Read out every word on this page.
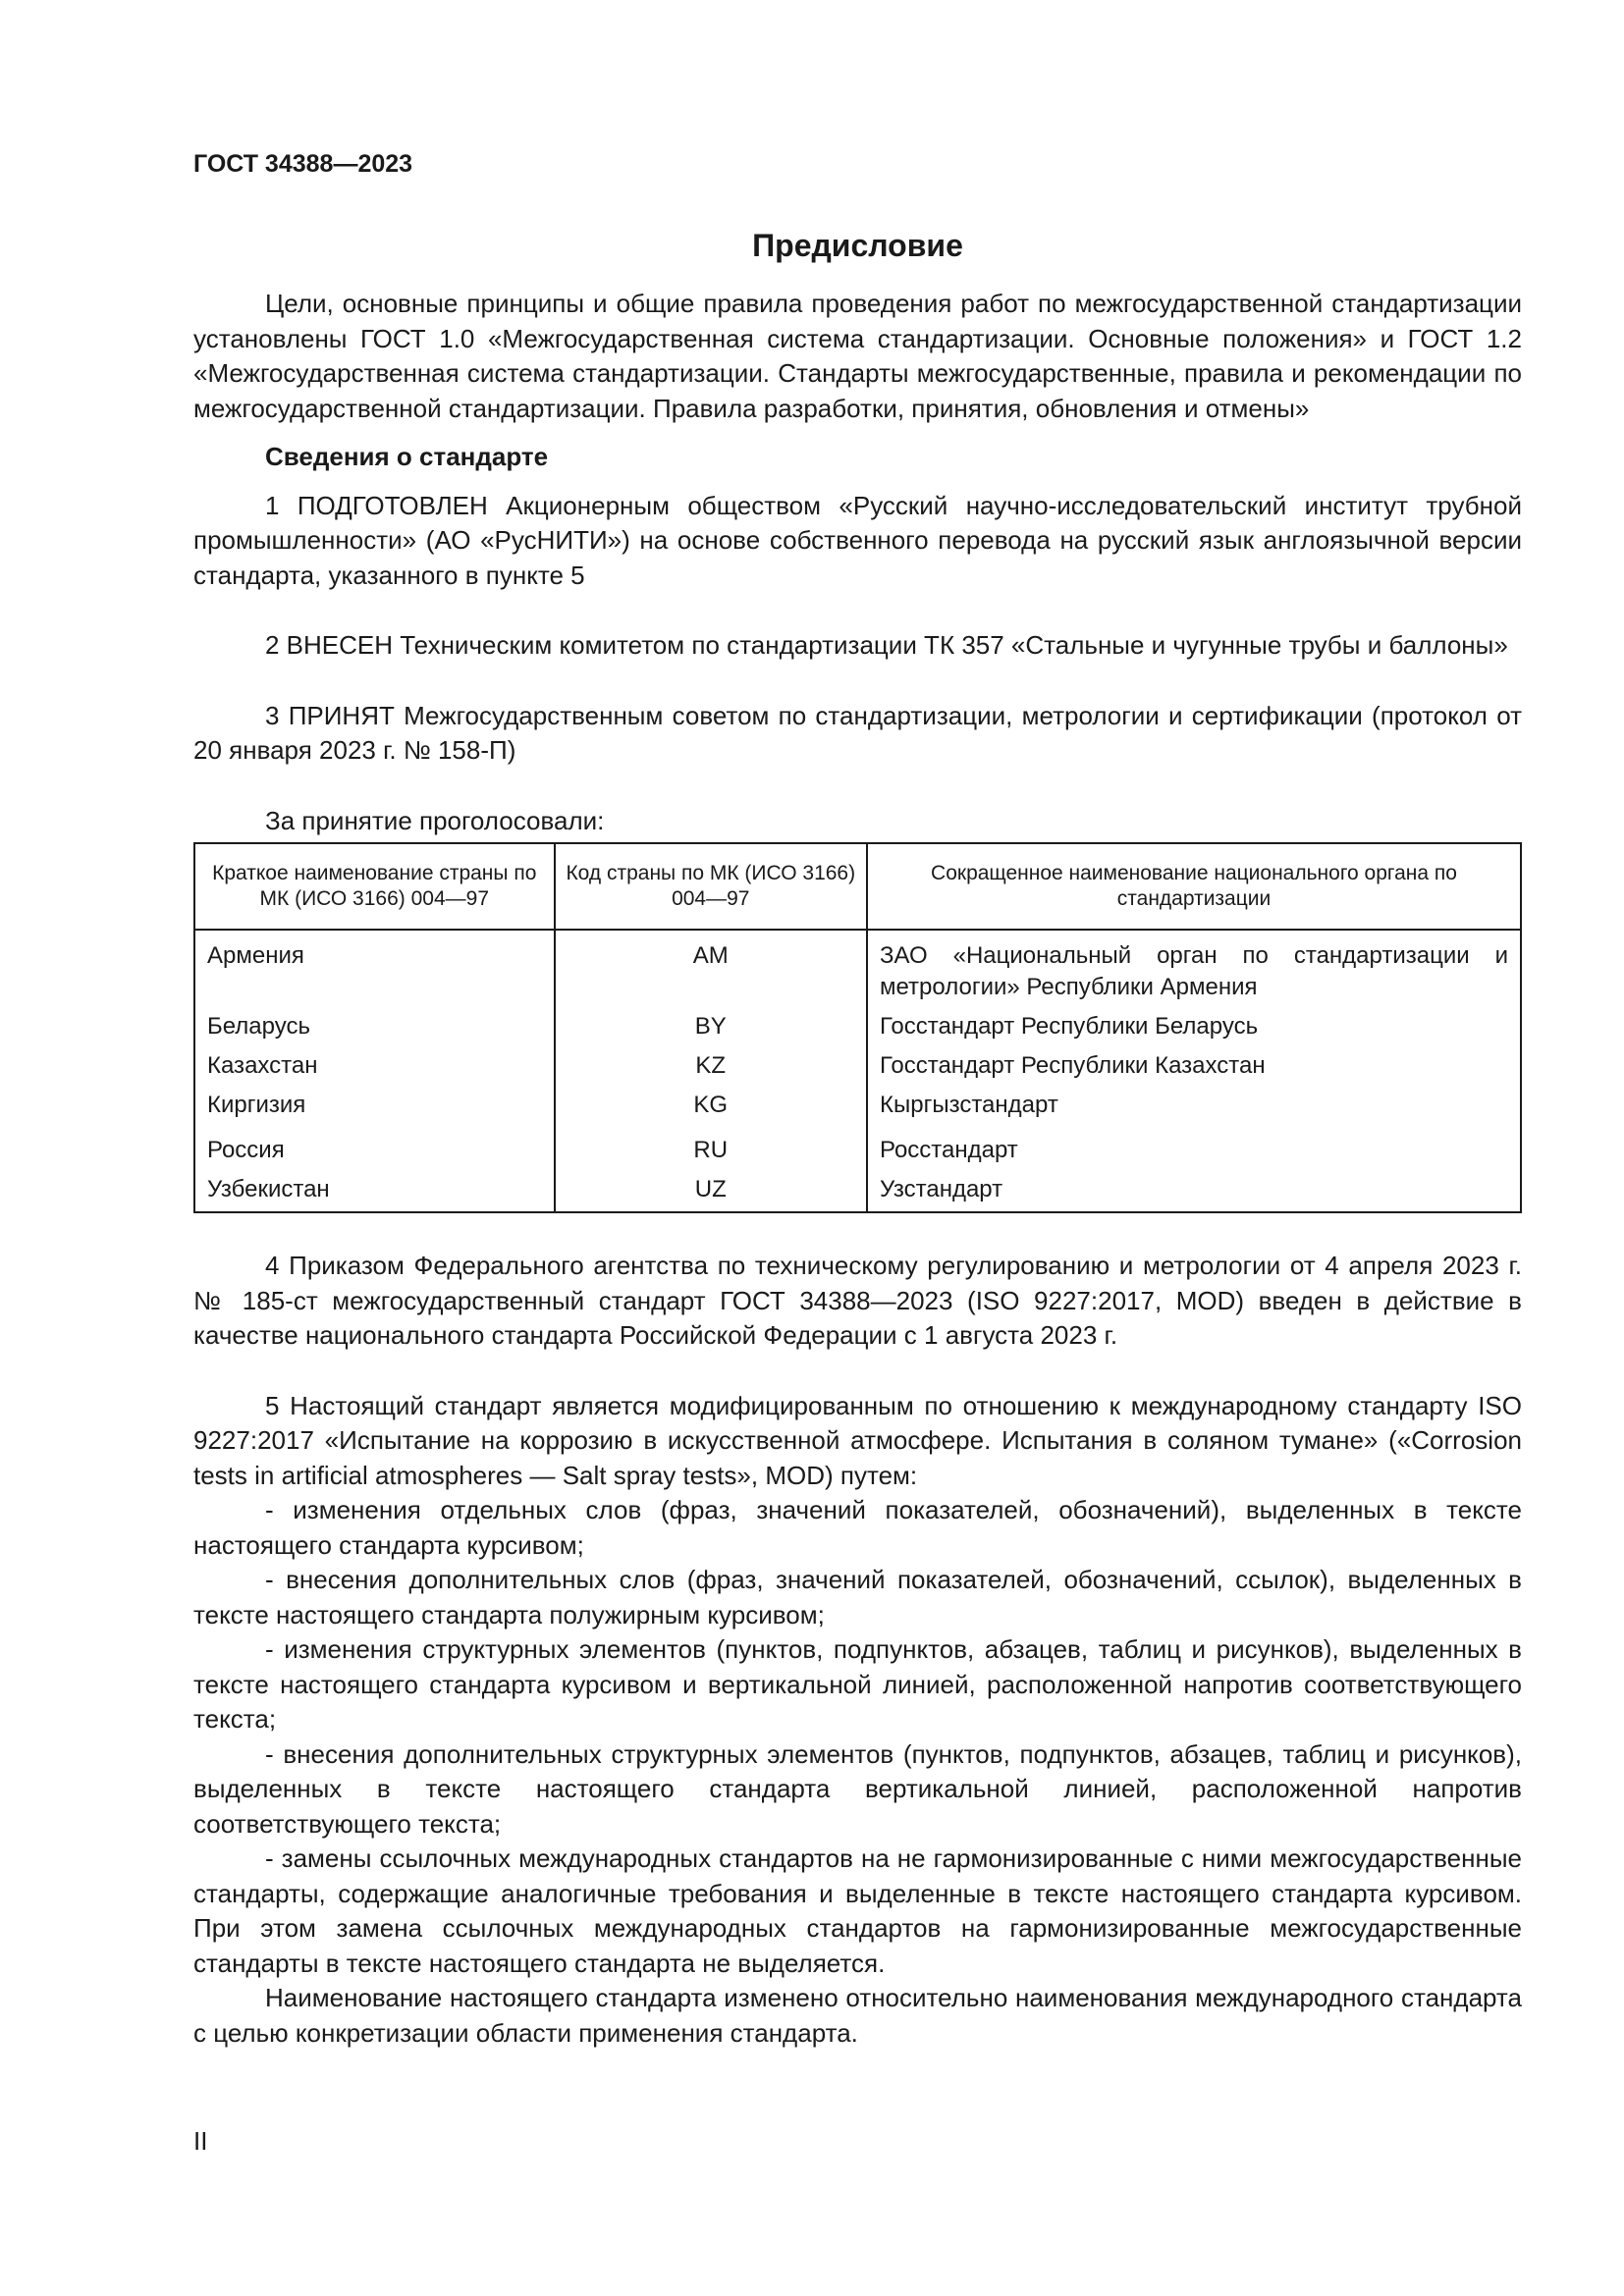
ГОСТ 34388—2023

Предисловие

Цели, основные принципы и общие правила проведения работ по межгосударственной стандартизации установлены ГОСТ 1.0 «Межгосударственная система стандартизации. Основные положения» и ГОСТ 1.2 «Межгосударственная система стандартизации. Стандарты межгосударственные, правила и рекомендации по межгосударственной стандартизации. Правила разработки, принятия, обновления и отмены»

Сведения о стандарте

1 ПОДГОТОВЛЕН Акционерным обществом «Русский научно-исследовательский институт трубной промышленности» (АО «РусНИТИ») на основе собственного перевода на русский язык англоязычной версии стандарта, указанного в пункте 5

2 ВНЕСЕН Техническим комитетом по стандартизации ТК 357 «Стальные и чугунные трубы и баллоны»

3 ПРИНЯТ Межгосударственным советом по стандартизации, метрологии и сертификации (протокол от 20 января 2023 г. № 158-П)

За принятие проголосовали:

Краткое наименование страны по МК (ИСО 3166) 004—97	Код страны по МК (ИСО 3166) 004—97	Сокращенное наименование национального органа по стандартизации
Армения	AM	ЗАО «Национальный орган по стандартизации и метрологии» Республики Армения
Беларусь	BY	Госстандарт Республики Беларусь
Казахстан	KZ	Госстандарт Республики Казахстан
Киргизия	KG	Кыргызстандарт
Россия	RU	Росстандарт
Узбекистан	UZ	Узстандарт

4 Приказом Федерального агентства по техническому регулированию и метрологии от 4 апреля 2023 г. № 185-ст межгосударственный стандарт ГОСТ 34388—2023 (ISO 9227:2017, MOD) введен в действие в качестве национального стандарта Российской Федерации с 1 августа 2023 г.

5 Настоящий стандарт является модифицированным по отношению к международному стандарту ISO 9227:2017 «Испытание на коррозию в искусственной атмосфере. Испытания в соляном тумане» («Corrosion tests in artificial atmospheres — Salt spray tests», MOD) путем:

- изменения отдельных слов (фраз, значений показателей, обозначений), выделенных в тексте настоящего стандарта курсивом;

- внесения дополнительных слов (фраз, значений показателей, обозначений, ссылок), выделенных в тексте настоящего стандарта полужирным курсивом;

- изменения структурных элементов (пунктов, подпунктов, абзацев, таблиц и рисунков), выделенных в тексте настоящего стандарта курсивом и вертикальной линией, расположенной напротив соответствующего текста;

- внесения дополнительных структурных элементов (пунктов, подпунктов, абзацев, таблиц и рисунков), выделенных в тексте настоящего стандарта вертикальной линией, расположенной напротив соответствующего текста;

- замены ссылочных международных стандартов на не гармонизированные с ними межгосударственные стандарты, содержащие аналогичные требования и выделенные в тексте настоящего стандарта курсивом. При этом замена ссылочных международных стандартов на гармонизированные межгосударственные стандарты в тексте настоящего стандарта не выделяется.

Наименование настоящего стандарта изменено относительно наименования международного стандарта с целью конкретизации области применения стандарта.

II
